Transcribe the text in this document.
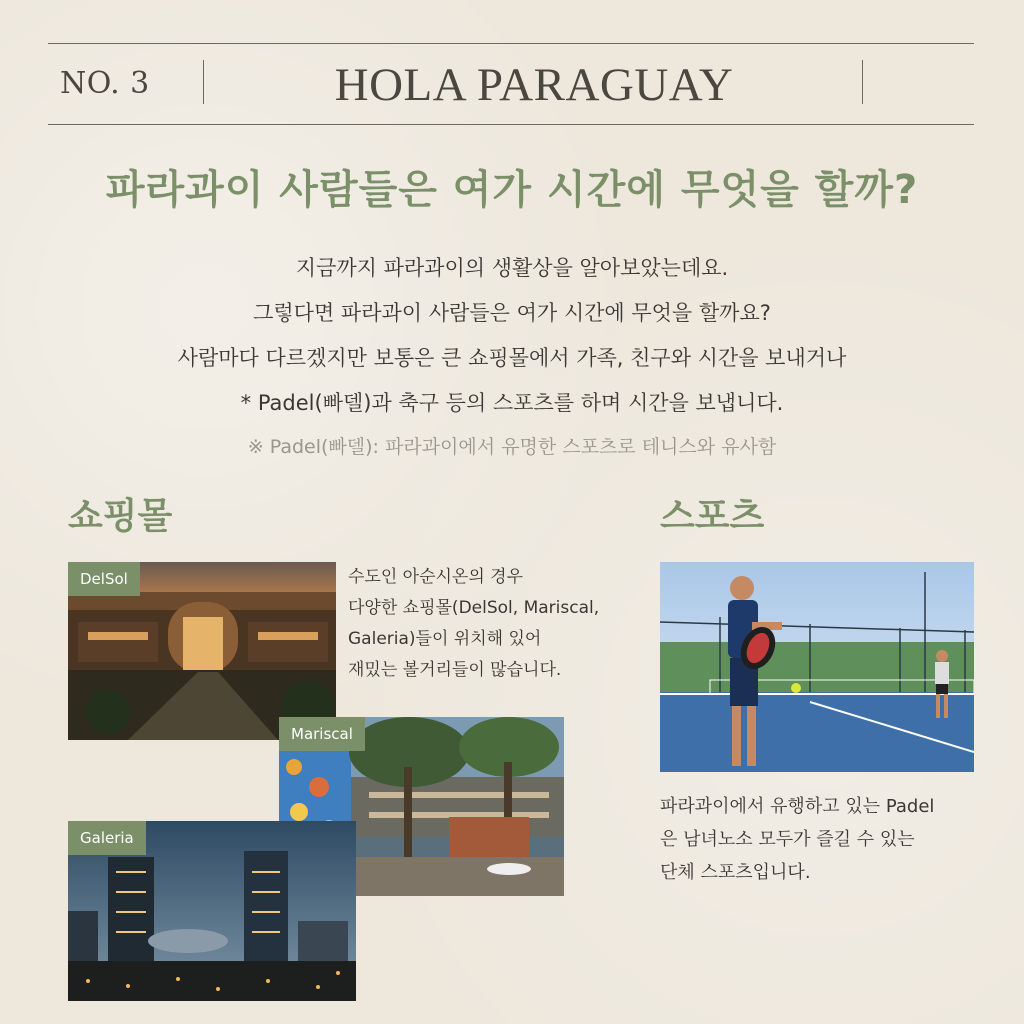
NO. 3	HOLA PARAGUAY
파라과이 사람들은 여가 시간에 무엇을 할까?
지금까지 파라과이의 생활상을 알아보았는데요.
그렇다면 파라과이 사람들은 여가 시간에 무엇을 할까요?
사람마다 다르겠지만 보통은 큰 쇼핑몰에서 가족, 친구와 시간을 보내거나
* Padel(빠델)과 축구 등의 스포츠를 하며 시간을 보냅니다.
※ Padel(빠델): 파라과이에서 유명한 스포츠로 테니스와 유사함
쇼핑몰	스포츠
DelSol	수도인 아순시온의 경우
다양한 쇼핑몰(DelSol, Mariscal,
Galeria)들이 위치해 있어
재밌는 볼거리들이 많습니다.
Mariscal
Galeria
파라과이에서 유행하고 있는 Padel
은 남녀노소 모두가 즐길 수 있는
단체 스포츠입니다.
